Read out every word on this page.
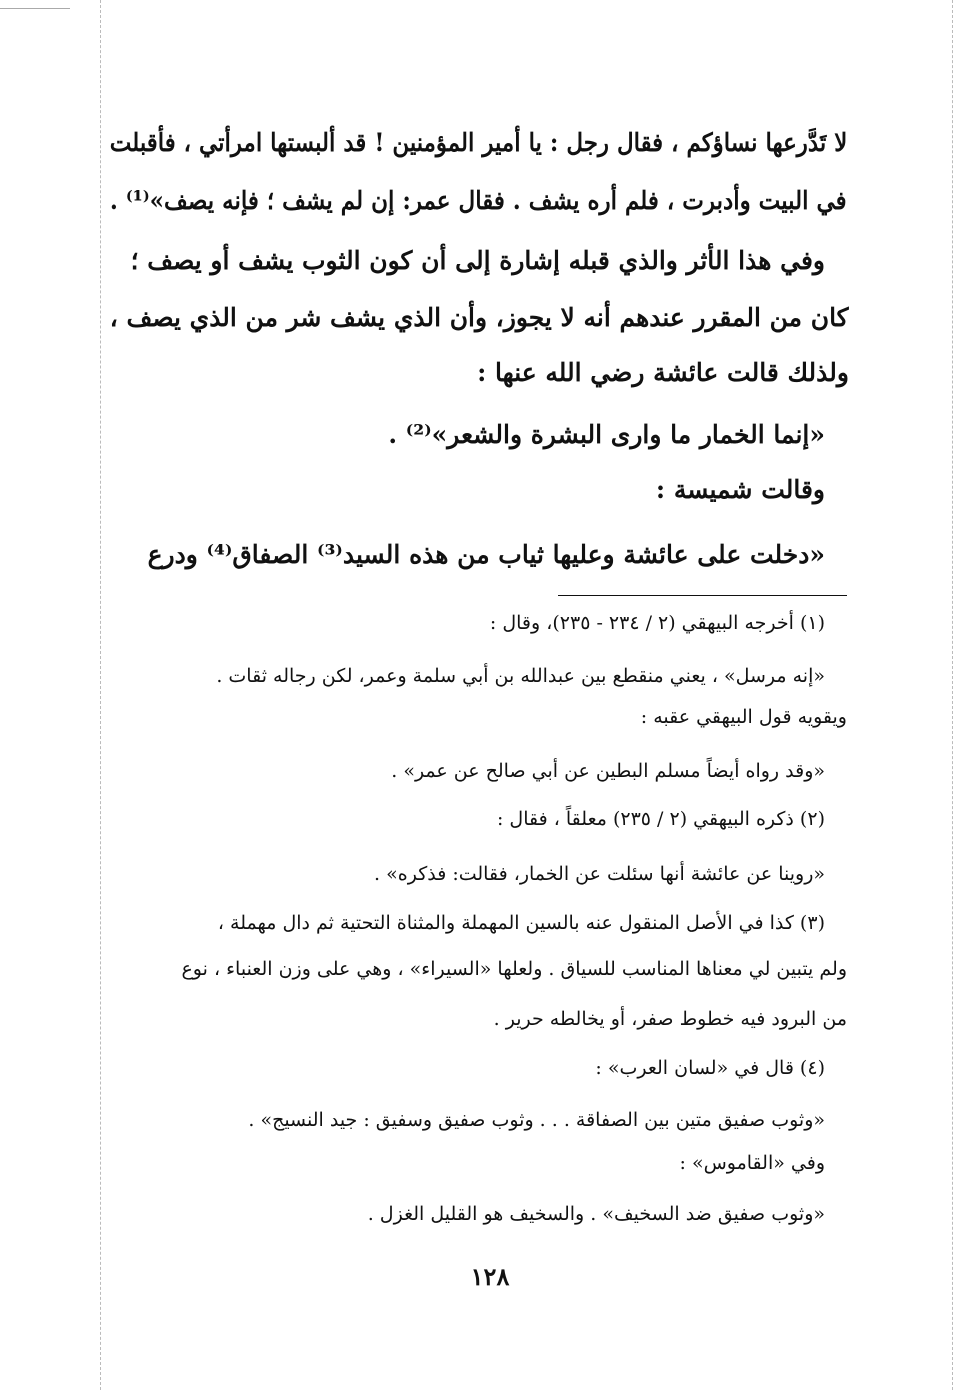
لا تَدَّرعها نساؤكم ، فقال رجل : يا أمير المؤمنين ! قد ألبستها امرأتي ، فأقبلت
في البيت وأدبرت ، فلم أره يشف . فقال عمر: إن لم يشف ؛ فإنه يصف»⁽¹⁾ .
وفي هذا الأثر والذي قبله إشارة إلى أن كون الثوب يشف أو يصف ؛
كان من المقرر عندهم أنه لا يجوز، وأن الذي يشف شر من الذي يصف ،
ولذلك قالت عائشة رضي الله عنها :
«إنما الخمار ما وارى البشرة والشعر»⁽²⁾ .
وقالت شميسة :
«دخلت على عائشة وعليها ثياب من هذه السيد⁽³⁾ الصفاق⁽⁴⁾ ودرع
(١) أخرجه البيهقي (٢ / ٢٣٤ - ٢٣٥)، وقال :
«إنه مرسل» ، يعني منقطع بين عبدالله بن أبي سلمة وعمر، لكن رجاله ثقات .
ويقويه قول البيهقي عقبه :
«وقد رواه أيضاً مسلم البطين عن أبي صالح عن عمر» .
(٢) ذكره البيهقي (٢ / ٢٣٥) معلقاً ، فقال :
«روينا عن عائشة أنها سئلت عن الخمار، فقالت: فذكره» .
(٣) كذا في الأصل المنقول عنه بالسين المهملة والمثناة التحتية ثم دال مهملة ،
ولم يتبين لي معناها المناسب للسياق . ولعلها «السيراء» ، وهي على وزن العنباء ، نوع
من البرود فيه خطوط صفر، أو يخالطه حرير .
(٤) قال في «لسان العرب» :
«وثوب صفيق متين بين الصفاقة . . . وثوب صفيق وسفيق : جيد النسيج» .
وفي «القاموس» :
«وثوب صفيق ضد السخيف» . والسخيف هو القليل الغزل .
١٢٨
